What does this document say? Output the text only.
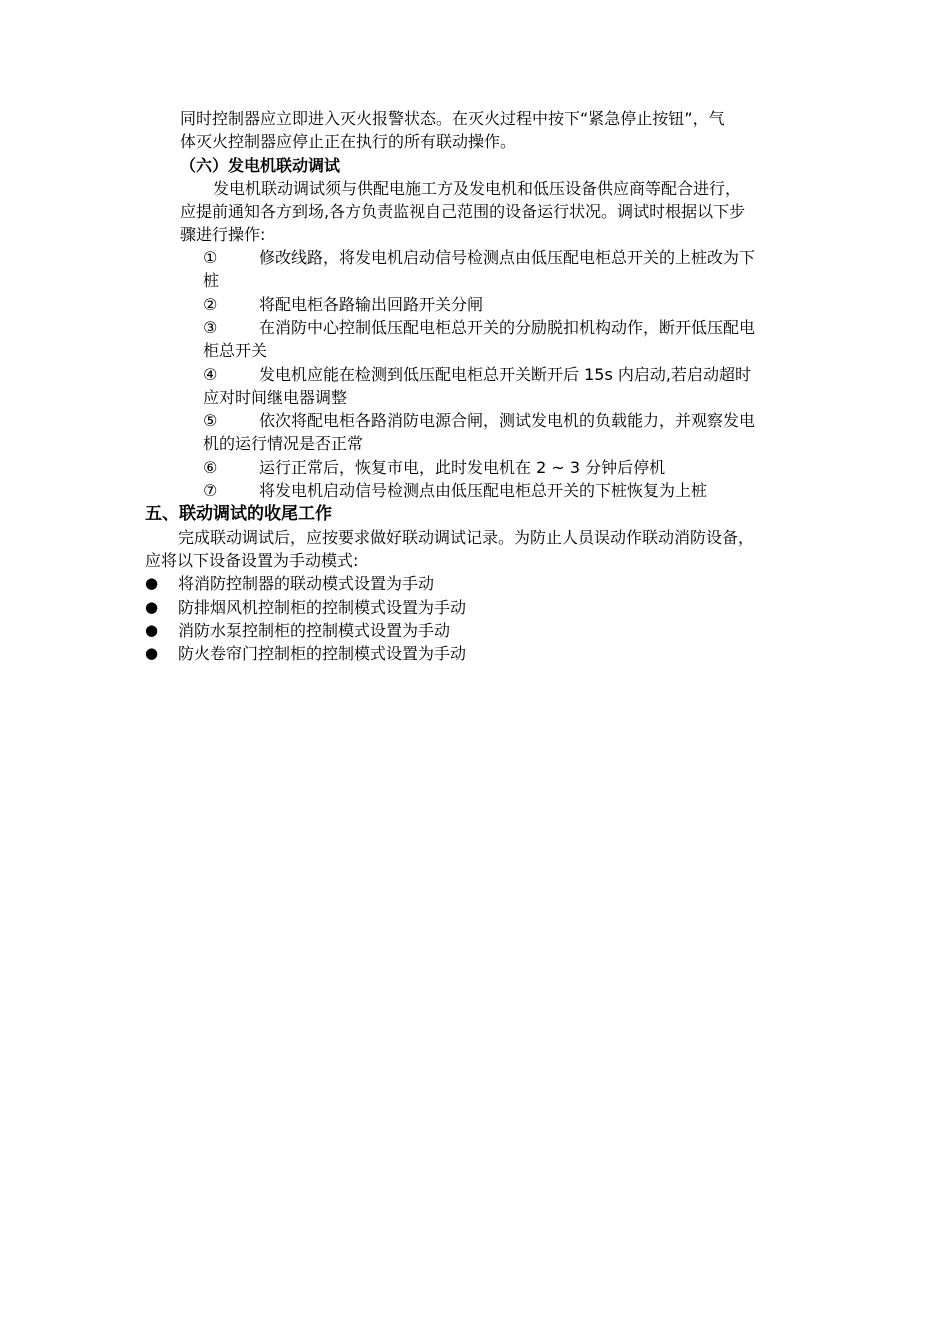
同时控制器应立即进入灭火报警状态。在灭火过程中按下“紧急停止按钮”，气
体灭火控制器应停止正在执行的所有联动操作。
（六）发电机联动调试
发电机联动调试须与供配电施工方及发电机和低压设备供应商等配合进行，
应提前通知各方到场,各方负责监视自己范围的设备运行状况。调试时根据以下步
骤进行操作:
①	修改线路，将发电机启动信号检测点由低压配电柜总开关的上桩改为下
桩
②	将配电柜各路输出回路开关分闸
③	在消防中心控制低压配电柜总开关的分励脱扣机构动作，断开低压配电
柜总开关
④	发电机应能在检测到低压配电柜总开关断开后 15s 内启动,若启动超时
应对时间继电器调整
⑤	依次将配电柜各路消防电源合闸，测试发电机的负载能力，并观察发电
机的运行情况是否正常
⑥	运行正常后，恢复市电，此时发电机在 2 ~ 3 分钟后停机
⑦	将发电机启动信号检测点由低压配电柜总开关的下桩恢复为上桩
五、联动调试的收尾工作
完成联动调试后，应按要求做好联动调试记录。为防止人员误动作联动消防设备，
应将以下设备设置为手动模式:
● 将消防控制器的联动模式设置为手动
● 防排烟风机控制柜的控制模式设置为手动
● 消防水泵控制柜的控制模式设置为手动
● 防火卷帘门控制柜的控制模式设置为手动
